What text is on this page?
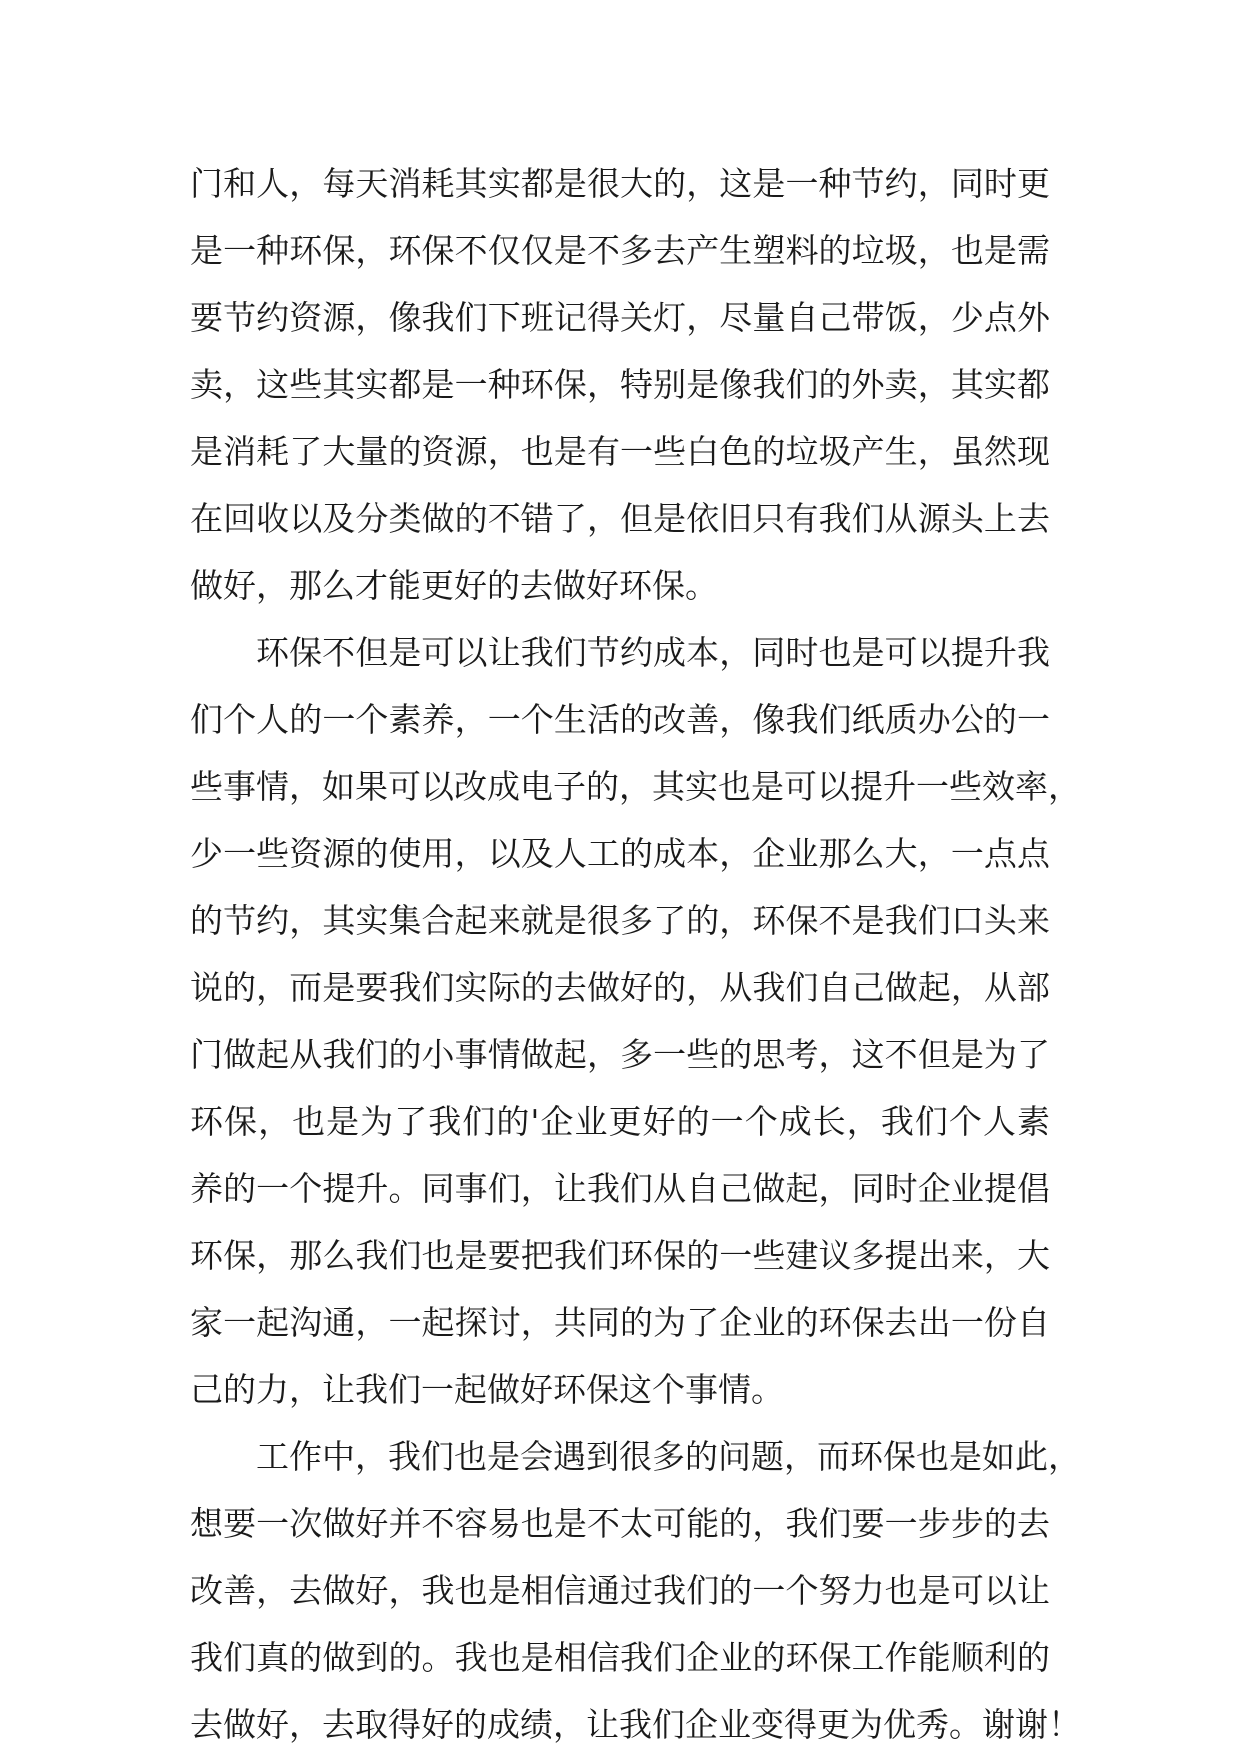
门和人，每天消耗其实都是很大的，这是一种节约，同时更
是一种环保，环保不仅仅是不多去产生塑料的垃圾，也是需
要节约资源，像我们下班记得关灯，尽量自己带饭，少点外
卖，这些其实都是一种环保，特别是像我们的外卖，其实都
是消耗了大量的资源，也是有一些白色的垃圾产生，虽然现
在回收以及分类做的不错了，但是依旧只有我们从源头上去
做好，那么才能更好的去做好环保。
环保不但是可以让我们节约成本，同时也是可以提升我
们个人的一个素养，一个生活的改善，像我们纸质办公的一
些事情，如果可以改成电子的，其实也是可以提升一些效率，
少一些资源的使用，以及人工的成本，企业那么大，一点点
的节约，其实集合起来就是很多了的，环保不是我们口头来
说的，而是要我们实际的去做好的，从我们自己做起，从部
门做起从我们的小事情做起，多一些的思考，这不但是为了
环保，也是为了我们的'企业更好的一个成长，我们个人素
养的一个提升。同事们，让我们从自己做起，同时企业提倡
环保，那么我们也是要把我们环保的一些建议多提出来，大
家一起沟通，一起探讨，共同的为了企业的环保去出一份自
己的力，让我们一起做好环保这个事情。
工作中，我们也是会遇到很多的问题，而环保也是如此，
想要一次做好并不容易也是不太可能的，我们要一步步的去
改善，去做好，我也是相信通过我们的一个努力也是可以让
我们真的做到的。我也是相信我们企业的环保工作能顺利的
去做好，去取得好的成绩，让我们企业变得更为优秀。谢谢！
